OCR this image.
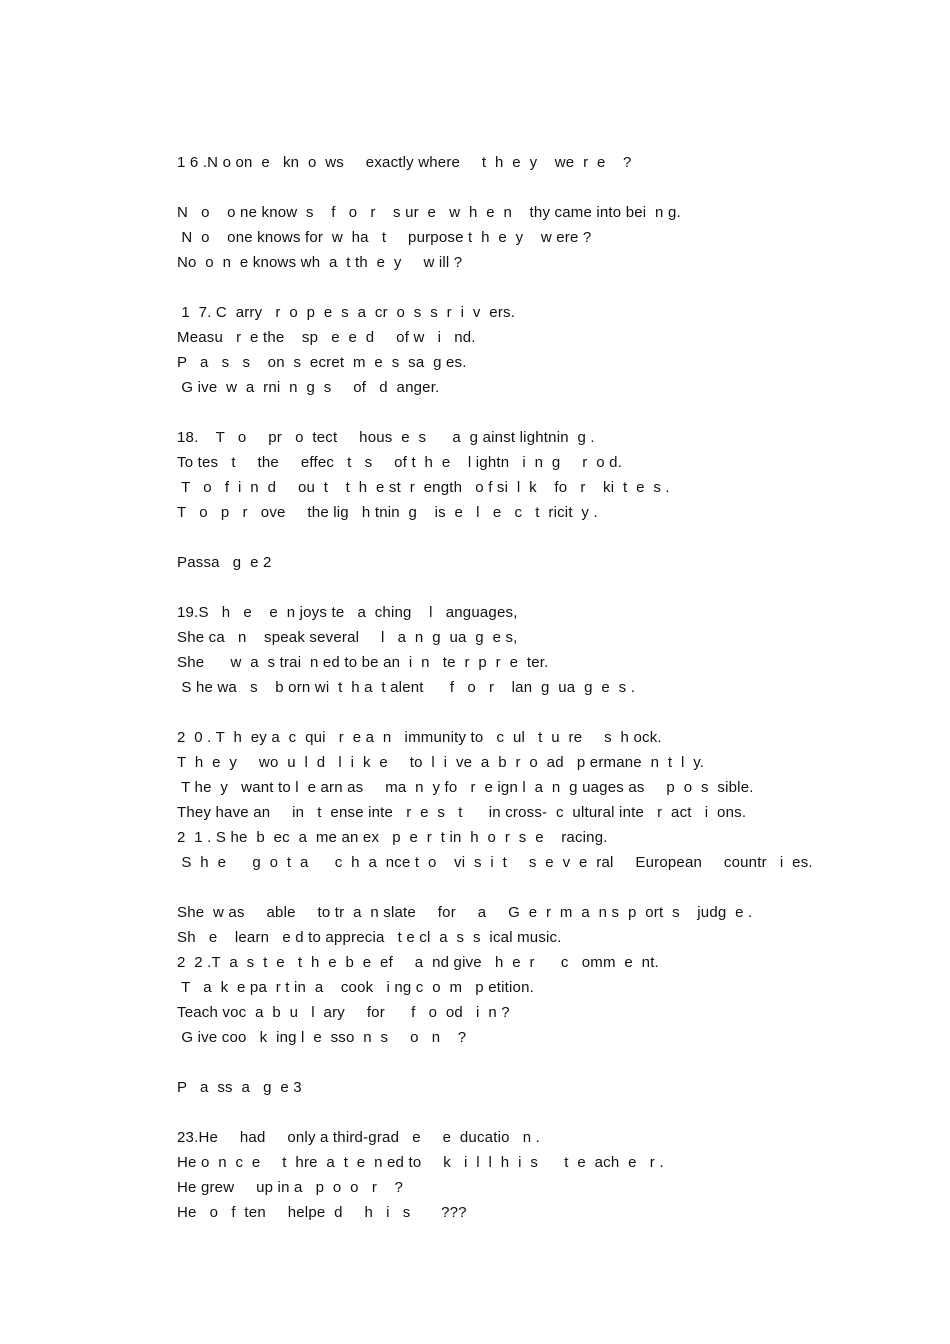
1 6 .N o on  e   kn  o  ws     exactly where     t  h  e  y    we  r  e    ?
N   o    o ne know  s    f   o   r    s ur  e   w  h  e  n    thy came into bei  n g.
N  o    one knows for  w  ha   t     purpose t  h  e  y    w ere ?
No  o  n  e knows wh  a  t th  e  y     w ill ?
1  7. C  arry   r  o  p  e  s  a  cr  o  s  s  r  i  v  ers.
Measu   r  e the    sp   e  e  d     of w   i   nd.
P   a   s   s    on  s  ecret  m  e  s  sa  g es.
G ive  w  a  rni  n  g  s     of   d  anger.
18.    T   o     pr   o  tect     hous  e  s      a  g ainst lightnin  g .
To tes   t     the     effec   t   s     of t  h  e    l ightn   i  n  g     r  o d.
T   o   f  i  n  d     ou  t    t  h  e st  r  ength   o f si  l  k    fo   r    ki  t  e  s .
T   o   p   r   ove     the lig   h tnin  g    is  e   l   e   c   t  ricit  y .
Passa   g  e 2
19.S   h   e    e  n joys te   a  ching    l   anguages,
She ca   n    speak several     l   a  n  g  ua  g  e s,
She      w  a  s trai  n ed to be an  i  n   te  r  p  r  e  ter.
S he wa   s    b orn wi  t  h a  t alent      f   o   r    lan  g  ua  g  e  s .
2  0 . T  h  ey a  c  qui   r  e a  n   immunity to   c  ul   t  u  re     s  h ock.
T  h  e  y     wo  u  l  d   l  i  k  e     to  l  i  ve  a  b  r  o  ad   p ermane  n  t  l  y.
T he  y   want to l  e arn as     ma  n  y fo   r  e ign l  a  n  g uages as     p  o  s  sible.
They have an     in   t  ense inte   r  e  s   t      in cross-  c  ultural inte   r  act   i  ons.
2  1 . S he  b  ec  a  me an ex   p  e  r  t in  h  o  r  s  e    racing.
S  h  e      g  o  t  a      c  h  a  nce t  o    vi  s  i  t     s  e  v  e  ral     European     countr   i  es.
She  w as     able     to tr  a  n slate     for     a     G  e  r  m  a  n s  p  ort  s    judg  e .
Sh   e    learn   e d to apprecia   t e cl  a  s  s  ical music.
2  2 .T  a  s  t  e   t  h  e  b  e  ef     a  nd give   h  e  r      c   omm  e  nt.
T   a  k  e pa  r t in  a    cook   i ng c  o  m   p etition.
Teach voc  a  b  u   l  ary     for      f   o  od   i  n ?
G ive coo   k  ing l  e  sso  n  s     o   n    ?
P   a  ss  a   g  e 3
23.He     had     only a third-grad   e     e  ducatio   n .
He o  n  c  e     t  hre  a  t  e  n ed to     k   i  l  l  h  i  s      t  e  ach  e   r .
He grew     up in a   p  o  o   r    ?
He   o   f  ten     helpe  d     h   i   s       ???
